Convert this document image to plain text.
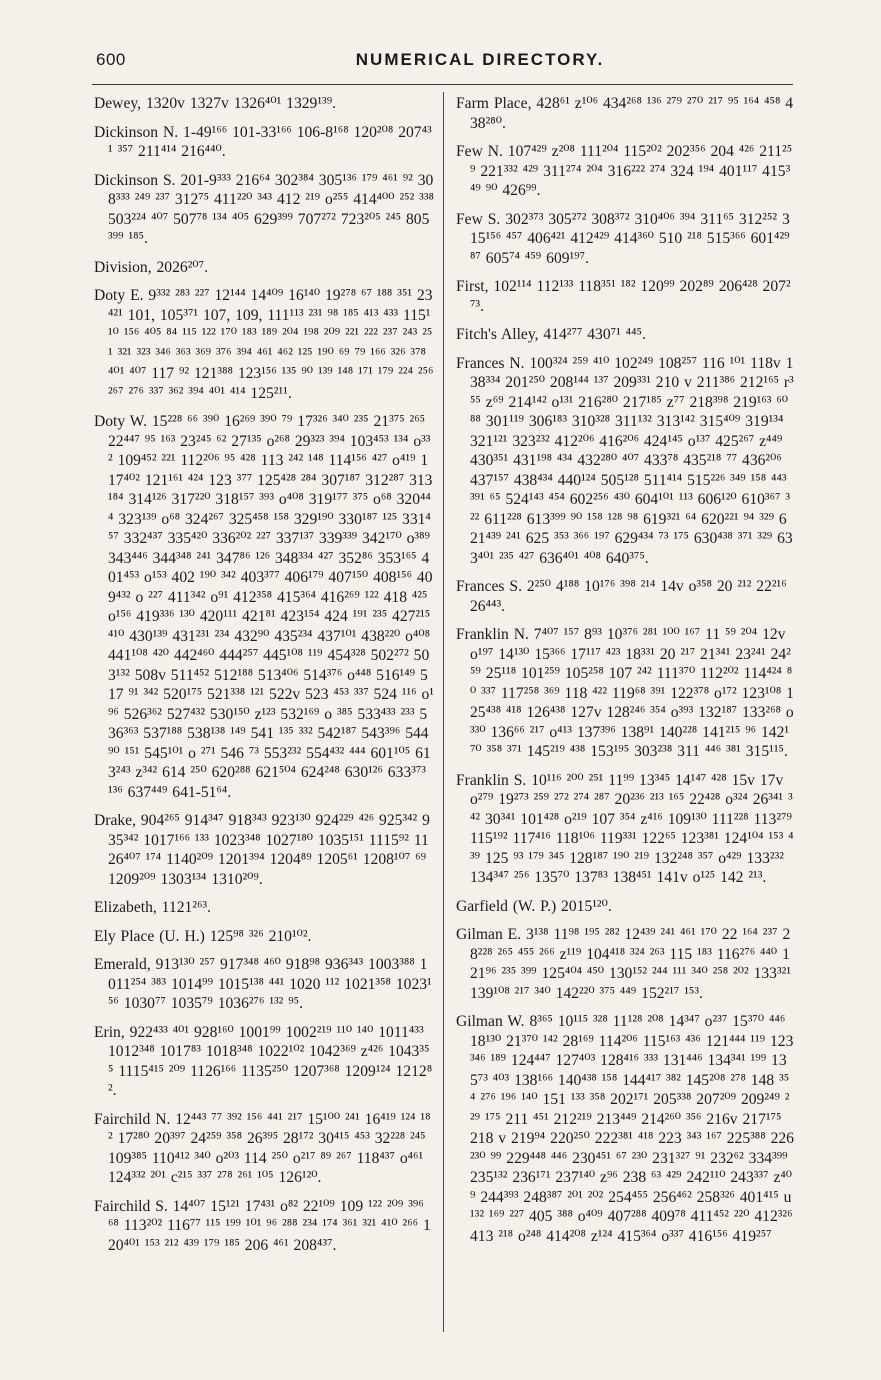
600	NUMERICAL DIRECTORY.

Dewey, 1320v 1327v 1326⁴⁰¹ 1329¹³⁹.

Dickinson N. 1-49¹⁶⁶ 101-33¹⁶⁶ 106-8¹⁶⁸ 120²⁰⁸ 207⁴³¹ ³⁵⁷ 211⁴¹⁴ 216⁴⁴⁰.

Dickinson S. 201-9³³³ 216⁶⁴ 302³⁸⁴ 305¹³⁶ ¹⁷⁹ ⁴⁶¹ ⁹² 308³³³ ²⁴⁹ ²³⁷ 312⁷⁵ 411²²⁰ ³⁴³ 412 ²¹⁹ o²⁵⁵ 414⁴⁰⁰ ²⁵² ³³⁸ 503²²⁴ ⁴⁰⁷ 507⁷⁸ ¹³⁴ ⁴⁰⁵ 629³⁹⁹ 707²⁷² 723²⁰⁵ ²⁴⁵ 805³⁹⁹ ¹⁸⁵.

Division, 2026²⁰⁷.

Doty E. 9³³² ²⁸³ ²²⁷ 12¹⁴⁴ 14⁴⁰⁹ 16¹⁴⁰ 19²⁷⁸ ⁶⁷ ¹⁸⁸ ³⁵¹ 23⁴²¹ 101, 105³⁷¹ 107, 109, 111¹¹³ ²³¹ ⁹⁸ ¹⁸⁵ ⁴¹³ ⁴³³ 115¹¹⁰ ¹⁵⁶ ⁴⁰⁵ ⁸⁴ ¹¹⁵ ¹²² ¹⁷⁰ ¹⁸³ ¹⁸⁹ ²⁰⁴ ¹⁹⁸ ²⁰⁹ ²²¹ ²²² ²³⁷ ²⁴³ ²⁵¹ ³²¹ ³²³ ³⁴⁶ ³⁶³ ³⁶⁹ ³⁷⁶ ³⁹⁴ ⁴⁶¹ ⁴⁶² ¹²⁵ ¹⁹⁰ ⁶⁹ ⁷⁹ ¹⁶⁶ ³²⁶ ³⁷⁸ ⁴⁰¹ ⁴⁰⁷ 117 ⁹² 121³⁸⁸ 123¹⁵⁶ ¹³⁵ ⁹⁰ ¹³⁹ ¹⁴⁸ ¹⁷¹ ¹⁷⁹ ²²⁴ ²⁵⁶ ²⁶⁷ ²⁷⁶ ³³⁷ ³⁶² ³⁹⁴ ⁴⁰¹ ⁴¹⁴ 125²¹¹.

Doty W. 15²²⁸ ⁶⁶ ³⁹⁰ 16²⁶⁹ ³⁹⁰ ⁷⁹ 17³²⁶ ³⁴⁰ ²³⁵ 21³⁷⁵ ²⁶⁵ 22⁴⁴⁷ ⁹⁵ ¹⁶³ 23²⁴⁵ ⁶² 27¹³⁵ o²⁶⁸ 29³²³ ³⁹⁴ 103⁴⁵³ ¹³⁴ o³³² 109⁴⁵² ²²¹ 112²⁰⁶ ⁹⁵ ⁴²⁸ 113 ²⁴² ¹⁴⁸ 114¹⁵⁶ ⁴²⁷ o⁴¹⁹ 117⁴⁰² 121¹⁶¹ ⁴²⁴ 123 ³⁷⁷ 125⁴²⁸ ²⁸⁴ 307¹⁸⁷ 312²⁸⁷ 313¹⁸⁴ 314¹²⁶ 317²²⁰ 318¹⁵⁷ ³⁹³ o⁴⁰⁸ 319¹⁷⁷ ³⁷⁵ o⁶⁸ 320⁴⁴⁴ 323¹³⁹ o⁶⁸ 324²⁶⁷ 325⁴⁵⁸ ¹⁵⁸ 329¹⁹⁰ 330¹⁸⁷ ¹²⁵ 331⁴⁵⁷ 332⁴³⁷ 335⁴²⁰ 336²⁰² ²²⁷ 337¹³⁷ 339³³⁹ 342¹⁷⁰ o³⁸⁹ 343⁴⁴⁶ 344³⁴⁸ ²⁴¹ 347⁸⁶ ¹²⁶ 348³³⁴ ⁴²⁷ 352⁸⁶ 353¹⁶⁵ 401⁴⁵³ o¹⁵³ 402 ¹⁹⁰ ³⁴² 403³⁷⁷ 406¹⁷⁹ 407¹⁵⁰ 408¹⁵⁶ 409⁴³² o ²²⁷ 411³⁴² o⁹¹ 412³⁵⁸ 415³⁶⁴ 416²⁶⁹ ¹²² 418 ⁴²⁵ o¹⁵⁶ 419³³⁶ ¹³⁰ 420¹¹¹ 421⁸¹ 423¹⁵⁴ 424 ¹⁹¹ ²³⁵ 427²¹⁵ ⁴¹⁰ 430¹³⁹ 431²³¹ ²³⁴ 432⁹⁰ 435²³⁴ 437¹⁰¹ 438²²⁰ o⁴⁰⁸ 441¹⁰⁸ ⁴²⁰ 442⁴⁶⁰ 444²⁵⁷ 445¹⁰⁸ ¹¹⁹ 454³²⁸ 502²⁷² 503¹³² 508v 511⁴⁵² 512¹⁸⁸ 513⁴⁰⁶ 514³⁷⁶ o⁴⁴⁸ 516¹⁴⁹ 517 ⁹¹ ³⁴² 520¹⁷⁵ 521³³⁸ ¹²¹ 522v 523 ⁴⁵³ ³³⁷ 524 ¹¹⁶ o¹⁹⁶ 526³⁶² 527⁴³² 530¹⁵⁰ z¹²³ 532¹⁶⁹ o ³⁸⁵ 533⁴³³ ²³³ 536³⁶³ 537¹⁸⁸ 538¹³⁸ ¹⁴⁹ 541 ¹³⁵ ³³² 542¹⁸⁷ 543³⁹⁶ 544⁹⁰ ¹⁵¹ 545¹⁰¹ o ²⁷¹ 546 ⁷³ 553²³² 554⁴³² ⁴⁴⁴ 601¹⁰⁵ 613²⁴³ z³⁴² 614 ²⁵⁰ 620²⁸⁸ 621⁵⁰⁴ 624²⁴⁸ 630¹²⁶ 633³⁷³ ¹³⁶ 637⁴⁴⁹ 641-51⁶⁴.

Drake, 904²⁶⁵ 914³⁴⁷ 918³⁴³ 923¹³⁰ 924²²⁹ ⁴²⁶ 925³⁴² 935³⁴² 1017¹⁶⁶ ¹³³ 1023³⁴⁸ 1027¹⁸⁰ 1035¹⁵¹ 1115⁹² 1126⁴⁰⁷ ¹⁷⁴ 1140²⁰⁹ 1201³⁹⁴ 1204⁸⁹ 1205⁶¹ 1208¹⁰⁷ ⁶⁹ 1209²⁰⁹ 1303¹³⁴ 1310²⁰⁹.

Elizabeth, 1121²⁶³.

Ely Place (U. H.) 125⁹⁸ ³²⁶ 210¹⁰².

Emerald, 913¹³⁰ ²⁵⁷ 917³⁴⁸ ⁴⁶⁰ 918⁹⁸ 936³⁴³ 1003³⁸⁸ 1011²⁵⁴ ³⁸³ 1014⁹⁹ 1015¹³⁸ ⁴⁴¹ 1020 ¹¹² 1021³⁵⁸ 1023¹⁵⁶ 1030⁷⁷ 1035⁷⁹ 1036²⁷⁶ ¹³² ⁹⁵.

Erin, 922⁴³³ ⁴⁰¹ 928¹⁶⁰ 1001⁹⁹ 1002²¹⁹ ¹¹⁰ ¹⁴⁰ 1011⁴³³ 1012³⁴⁸ 1017⁸³ 1018³⁴⁸ 1022¹⁰² 1042³⁶⁹ z⁴²⁶ 1043³⁵⁵ 1115⁴¹⁵ ²⁰⁹ 1126¹⁶⁶ 1135²⁵⁰ 1207³⁶⁸ 1209¹²⁴ 1212⁸².

Fairchild N. 12⁴⁴³ ⁷⁷ ³⁹² ¹⁵⁶ ⁴⁴¹ ²¹⁷ 15¹⁰⁰ ²⁴¹ 16⁴¹⁹ ¹²⁴ ¹⁸² 17²⁸⁰ 20³⁹⁷ 24²⁵⁹ ³⁵⁸ 26³⁹⁵ 28¹⁷² 30⁴¹⁵ ⁴⁵³ 32²²⁸ ²⁴⁵ 109³⁸⁵ 110⁴¹² ³⁴⁰ o²⁰³ 114 ²⁵⁰ o²¹⁷ ⁸⁹ ²⁶⁷ 118⁴³⁷ o⁴⁶¹ 124³³² ²⁰¹ c²¹⁵ ³³⁷ ²⁷⁸ ²⁶¹ ¹⁰⁵ 126¹²⁰.

Fairchild S. 14⁴⁰⁷ 15¹²¹ 17⁴³¹ o⁸² 22¹⁰⁹ 109 ¹²² ²⁰⁹ ³⁹⁶ ⁶⁸ 113²⁰² 116⁷⁷ ¹¹⁵ ¹⁹⁹ ¹⁰¹ ⁹⁶ ²⁸⁸ ²³⁴ ¹⁷⁴ ³⁶¹ ³²¹ ⁴¹⁰ ²⁶⁶ 120⁴⁰¹ ¹⁵³ ²¹² ⁴³⁹ ¹⁷⁹ ¹⁸⁵ 206 ⁴⁶¹ 208⁴³⁷.

Farm Place, 428⁶¹ z¹⁰⁶ 434²⁶⁸ ¹³⁶ ²⁷⁹ ²⁷⁰ ²¹⁷ ⁹⁵ ¹⁶⁴ ⁴⁵⁸ 438²⁸⁰.

Few N. 107⁴²⁹ z²⁰⁸ 111²⁰⁴ 115²⁰² 202³⁵⁶ 204 ⁴²⁶ 211²⁵⁹ 221³³² ⁴²⁹ 311²⁷⁴ ²⁰⁴ 316²²² ²⁷⁴ 324 ¹⁹⁴ 401¹¹⁷ 415³⁴⁹ ⁹⁰ 426⁹⁹.

Few S. 302³⁷³ 305²⁷² 308³⁷² 310⁴⁰⁶ ³⁹⁴ 311⁶⁵ 312²⁵² 315¹⁵⁶ ⁴⁵⁷ 406⁴²¹ 412⁴²⁹ 414³⁶⁰ 510 ²¹⁸ 515³⁶⁶ 601⁴²⁹ ⁸⁷ 605⁷⁴ ⁴⁵⁹ 609¹⁹⁷.

First, 102¹¹⁴ 112¹³³ 118³⁵¹ ¹⁸² 120⁹⁹ 202⁸⁹ 206⁴²⁸ 207²⁷³.

Fitch's Alley, 414²⁷⁷ 430⁷¹ ⁴⁴⁵.

Frances N. 100³²⁴ ²⁵⁹ ⁴¹⁰ 102²⁴⁹ 108²⁵⁷ 116 ¹⁰¹ 118v 138³³⁴ 201²⁵⁰ 208¹⁴⁴ ¹³⁷ 209³³¹ 210 v 211³⁸⁶ 212¹⁶⁵ r³⁵⁵ z⁶⁹ 214¹⁴² o¹³¹ 216²⁸⁰ 217¹⁸⁵ z⁷⁷ 218³⁹⁸ 219¹⁶³ ⁶⁰ ⁸⁸ 301¹¹⁹ 306¹⁸³ 310³²⁸ 311¹³² 313¹⁴² 315⁴⁰⁹ 319¹³⁴ 321¹²¹ 323²³² 412²⁰⁶ 416²⁰⁶ 424¹⁴⁵ o¹³⁷ 425²⁶⁷ z⁴⁴⁹ 430³⁵¹ 431¹⁹⁸ ⁴³⁴ 432²⁸⁰ ⁴⁰⁷ 433⁷⁸ 435²¹⁸ ⁷⁷ 436²⁰⁶ 437¹⁵⁷ 438⁴³⁴ 440¹²⁴ 505¹²⁸ 511⁴¹⁴ 515²²⁶ ³⁴⁹ ¹⁵⁸ ⁴⁴³ ³⁹¹ ⁶⁵ 524¹⁴³ ⁴⁵⁴ 602²⁵⁶ ⁴³⁰ 604¹⁰¹ ¹¹³ 606¹²⁰ 610³⁶⁷ ³²² 611²²⁸ 613³⁹⁹ ⁹⁰ ¹⁵⁸ ¹²⁸ ⁹⁸ 619³²¹ ⁶⁴ 620²²¹ ⁹⁴ ³²⁹ 621⁴³⁹ ²⁴¹ 625 ³⁵³ ³⁶⁶ ¹⁹⁷ 629⁴³⁴ ⁷³ ¹⁷⁵ 630⁴³⁸ ³⁷¹ ³²⁹ 633⁴⁰¹ ²³⁵ ⁴²⁷ 636⁴⁰¹ ⁴⁰⁸ 640³⁷⁵.

Frances S. 2²⁵⁰ 4¹⁸⁸ 10¹⁷⁶ ³⁹⁸ ²¹⁴ 14v o³⁵⁸ 20 ²¹² 22²¹⁶ 26⁴⁴³.

Franklin N. 7⁴⁰⁷ ¹⁵⁷ 8⁹³ 10³⁷⁶ ²⁸¹ ¹⁰⁰ ¹⁶⁷ 11 ⁵⁹ ²⁰⁴ 12v o¹⁹⁷ 14¹³⁰ 15³⁶⁶ 17¹¹⁷ ⁴²³ 18³³¹ 20 ²¹⁷ 21³⁴¹ 23²⁴¹ 24²⁵⁹ 25¹¹⁸ 101²⁵⁹ 105²⁵⁸ 107 ²⁴² 111³⁷⁰ 112²⁰² 114⁴²⁴ ⁸⁰ ³³⁷ 117²⁵⁸ ³⁶⁹ 118 ⁴²² 119⁶⁸ ³⁹¹ 122³⁷⁸ o¹⁷² 123¹⁰⁸ 125⁴³⁸ ⁴¹⁸ 126⁴³⁸ 127v 128²⁴⁶ ³⁵⁴ o³⁹³ 132¹⁸⁷ 133²⁶⁸ o ³³⁰ 136⁶⁶ ²¹⁷ o⁴¹³ 137³⁹⁶ 138⁹¹ 140²²⁸ 141²¹⁵ ⁹⁶ 142¹⁷⁰ ³⁵⁸ ³⁷¹ 145²¹⁹ ⁴³⁸ 153¹⁹⁵ 303²³⁸ 311 ⁴⁴⁶ ³⁸¹ 315¹¹⁵.

Franklin S. 10¹¹⁶ ²⁰⁰ ²⁵¹ 11⁹⁹ 13³⁴⁵ 14¹⁴⁷ ⁴²⁸ 15v 17v o²⁷⁹ 19²⁷³ ²⁵⁹ ²⁷² ²⁷⁴ ²⁸⁷ 20²³⁶ ²¹³ ¹⁶⁵ 22⁴²⁸ o³²⁴ 26³⁴¹ ³⁴² 30³⁴¹ 101⁴²⁸ o²¹⁹ 107 ³⁵⁴ z⁴¹⁶ 109¹³⁰ 111²²⁸ 113²⁷⁹ 115¹⁹² 117⁴¹⁶ 118¹⁰⁶ 119³³¹ 122⁶⁵ 123³⁸¹ 124¹⁰⁴ ¹⁵³ ⁴³⁹ 125 ⁹³ ¹⁷⁹ ³⁴⁵ 128¹⁸⁷ ¹⁹⁰ ²¹⁹ 132²⁴⁸ ³⁵⁷ o⁴²⁹ 133²³² 134³⁴⁷ ²⁵⁶ 135⁷⁰ 137⁸³ 138⁴⁵¹ 141v o¹²⁵ 142 ²¹³.

Garfield (W. P.) 2015¹²⁰.

Gilman E. 3¹³⁸ 11⁹⁸ ¹⁹⁵ ²⁸² 12⁴³⁹ ²⁴¹ ⁴⁶¹ ¹⁷⁰ 22 ¹⁶⁴ ²³⁷ 28²²⁸ ²⁶⁵ ⁴⁵⁵ ²⁶⁶ z¹¹⁹ 104⁴¹⁸ ³²⁴ ²⁶³ 115 ¹⁸³ 116²⁷⁶ ⁴⁴⁰ 121⁹⁶ ²³⁵ ³⁹⁹ 125⁴⁰⁴ ⁴⁵⁰ 130¹⁵² ²⁴⁴ ¹¹¹ ³⁴⁰ ²⁵⁸ ²⁰² 133³²¹ 139¹⁰⁸ ²¹⁷ ³⁴⁰ 142²²⁰ ³⁷⁵ ⁴⁴⁹ 152²¹⁷ ¹⁵³.

Gilman W. 8³⁶⁵ 10¹¹⁵ ³²⁸ 11¹²⁸ ²⁰⁸ 14³⁴⁷ o²³⁷ 15³⁷⁰ ⁴⁴⁶ 18¹³⁰ 21³⁷⁰ ¹⁴² 28¹⁶⁹ 114²⁰⁶ 115¹⁶³ ⁴³⁶ 121⁴⁴⁴ ¹¹⁹ 123³⁴⁶ ¹⁸⁹ 124⁴⁴⁷ 127⁴⁰³ 128⁴¹⁶ ³³³ 131⁴⁴⁶ 134³⁴¹ ¹⁹⁹ 135⁷³ ⁴⁰³ 138¹⁶⁶ 140⁴³⁸ ¹⁵⁸ 144⁴¹⁷ ³⁸² 145²⁰⁸ ²⁷⁸ 148 ³⁵⁴ ²⁷⁶ ¹⁹⁶ ¹⁴⁰ 151 ¹³³ ³⁵⁸ 202¹⁷¹ 205³³⁸ 207²⁰⁹ 209²⁴⁹ ²²⁹ ¹⁷⁵ 211 ⁴⁵¹ 212²¹⁹ 213⁴⁴⁹ 214²⁶⁰ ³⁵⁶ 216v 217¹⁷⁵ 218 v 219⁹⁴ 220²⁵⁰ 222³⁸¹ ⁴¹⁸ 223 ³⁴³ ¹⁶⁷ 225³⁸⁸ 226²³⁰ ⁹⁹ 229⁴⁴⁸ ⁴⁴⁶ 230⁴⁵¹ ⁶⁷ ²³⁰ 231³²⁷ ⁹¹ 232⁶² 334³⁹⁹ 235¹³² 236¹⁷¹ 237¹⁴⁰ z⁹⁶ 238 ⁶³ ⁴²⁹ 242¹¹⁰ 243³³⁷ z⁴⁰⁹ 244³⁹³ 248³⁸⁷ ²⁰¹ ²⁰² 254⁴⁵⁵ 256⁴⁶² 258³²⁶ 401⁴¹⁵ u¹³² ¹⁶⁹ ²²⁷ 405 ³⁸⁸ o⁴⁰⁹ 407²⁸⁸ 409⁷⁸ 411⁴⁵² ²²⁰ 412³²⁶ 413 ²¹⁸ o²⁴⁸ 414²⁰⁸ z¹²⁴ 415³⁶⁴ o³³⁷ 416¹⁵⁶ 419²⁵⁷
